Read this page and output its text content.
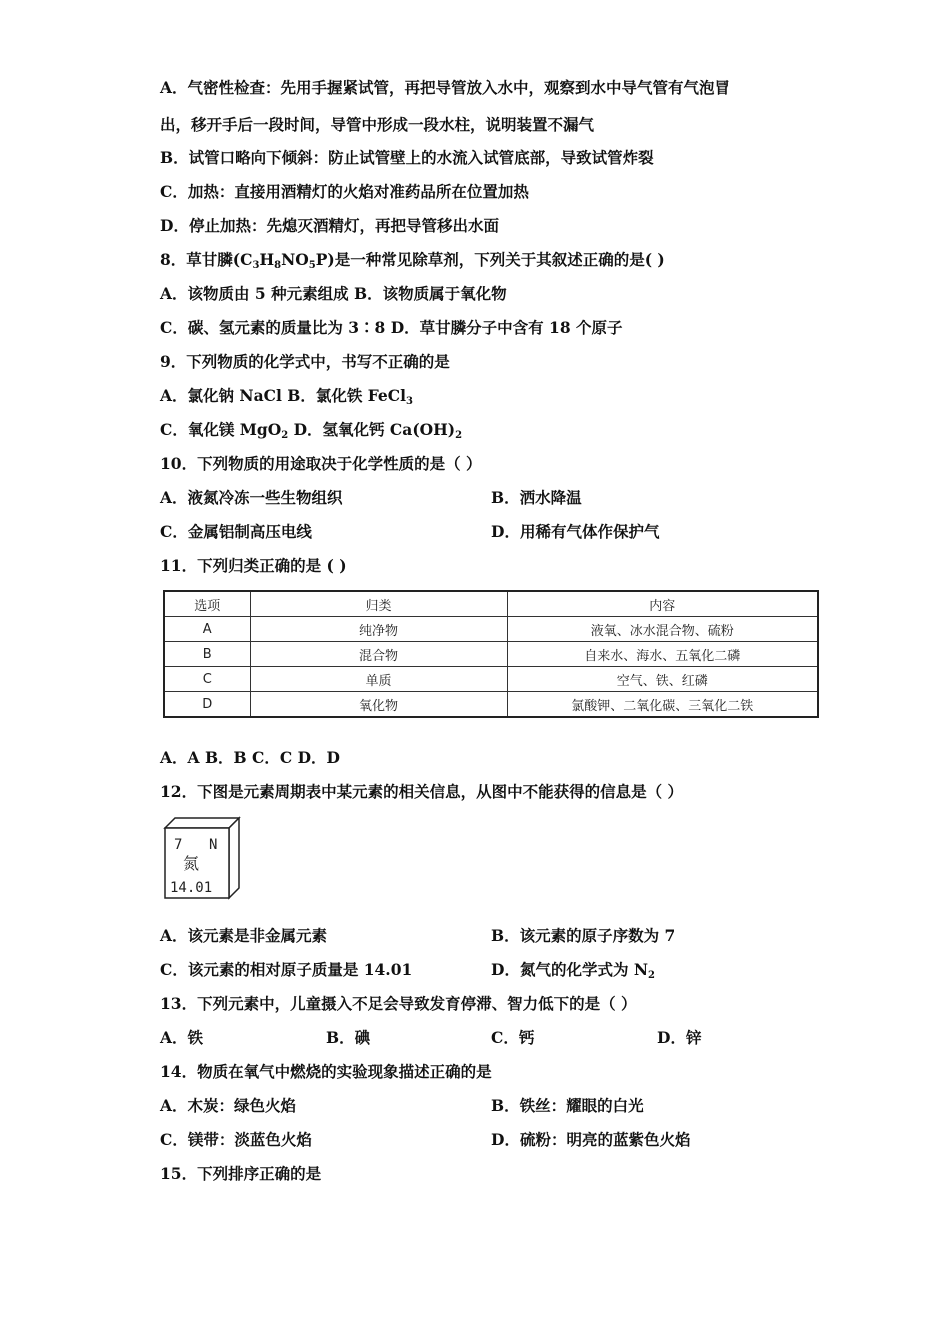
A．气密性检查：先用手握紧试管，再把导管放入水中，观察到水中导气管有气泡冒
出，移开手后一段时间，导管中形成一段水柱，说明装置不漏气
B．试管口略向下倾斜：防止试管壁上的水流入试管底部，导致试管炸裂
C．加热：直接用酒精灯的火焰对准药品所在位置加热
D．停止加热：先熄灭酒精灯，再把导管移出水面
8．草甘膦$(C_3H_8NO_5P)$是一种常见除草剂，下列关于其叙述正确的是( )
A．该物质由 5 种元素组成 B．该物质属于氧化物
C．碳、氢元素的质量比为 3∶8 D．草甘膦分子中含有 18 个原子
9．下列物质的化学式中，书写不正确的是
A．氯化钠 NaCl B．氯化铁 FeCl$_3$
C．氧化镁 MgO$_2$ D．氢氧化钙 $Ca(OH)_2$
10．下列物质的用途取决于化学性质的是（ ）
A．液氮冷冻一些生物组织	B．洒水降温
C．金属铝制高压电线	D．用稀有气体作保护气
11．下列归类正确的是 ( )
选项	归类	内容
A	纯净物	液氧、冰水混合物、硫粉
B	混合物	自来水、海水、五氧化二磷
C	单质	空气、铁、红磷
D	氧化物	氯酸钾、二氧化碳、三氧化二铁
A．A B．B C．C D．D
12．下图是元素周期表中某元素的相关信息，从图中不能获得的信息是（ ）
7 N
氮
14.01
A．该元素是非金属元素	B．该元素的原子序数为 7
C．该元素的相对原子质量是 14.01	D．氮气的化学式为 $N_2$
13．下列元素中，儿童摄入不足会导致发育停滞、智力低下的是（ ）
A．铁	B．碘	C．钙	D．锌
14．物质在氧气中燃烧的实验现象描述正确的是
A．木炭：绿色火焰	B．铁丝：耀眼的白光
C．镁带：淡蓝色火焰	D．硫粉：明亮的蓝紫色火焰
15．下列排序正确的是
